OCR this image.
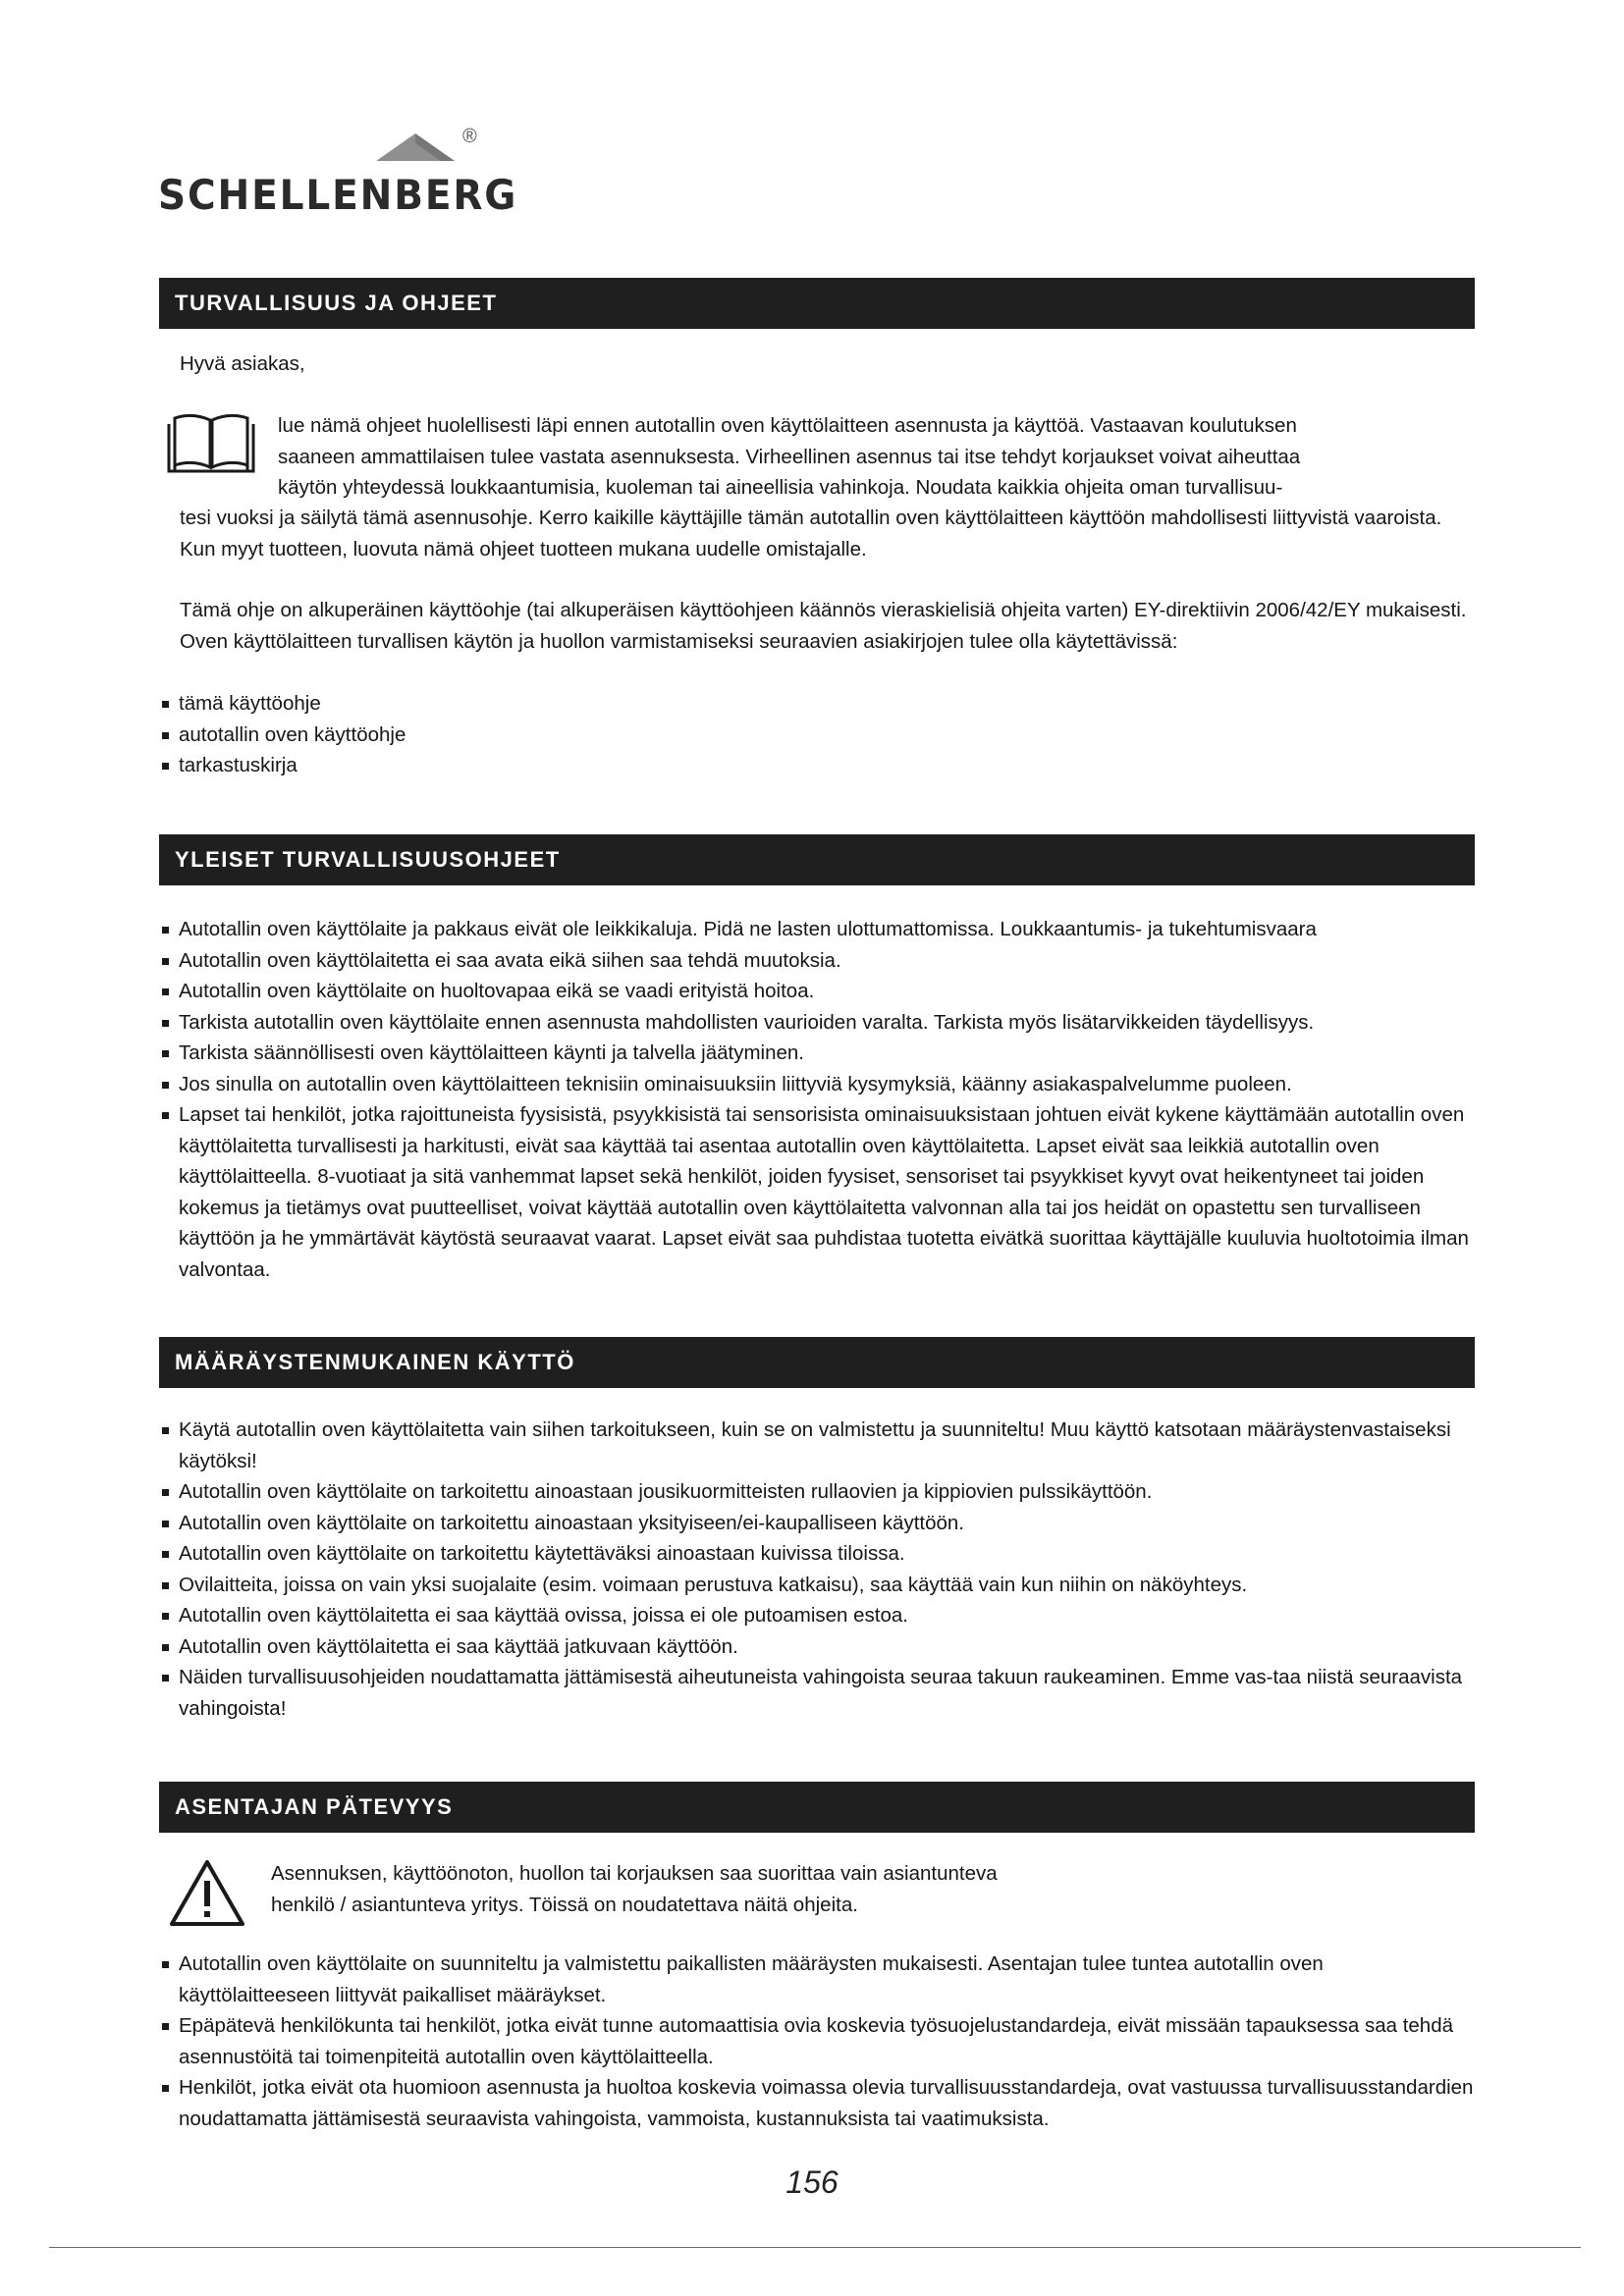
®
SCHELLENBERG
TURVALLISUUS JA OHJEET
Hyvä asiakas,
lue nämä ohjeet huolellisesti läpi ennen autotallin oven käyttölaitteen asennusta ja käyttöä. Vastaavan koulutuksen
saaneen ammattilaisen tulee vastata asennuksesta. Virheellinen asennus tai itse tehdyt korjaukset voivat aiheuttaa
käytön yhteydessä loukkaantumisia, kuoleman tai aineellisia vahinkoja. Noudata kaikkia ohjeita oman turvallisuu-
tesi vuoksi ja säilytä tämä asennusohje. Kerro kaikille käyttäjille tämän autotallin oven käyttölaitteen käyttöön mahdollisesti liittyvistä vaaroista. Kun myyt tuotteen, luovuta nämä ohjeet tuotteen mukana uudelle omistajalle.
Tämä ohje on alkuperäinen käyttöohje (tai alkuperäisen käyttöohjeen käännös vieraskielisiä ohjeita varten) EY-direktiivin 2006/42/EY mukaisesti. Oven käyttölaitteen turvallisen käytön ja huollon varmistamiseksi seuraavien asiakirjojen tulee olla käytettävissä:
tämä käyttöohje
autotallin oven käyttöohje
tarkastuskirja
YLEISET TURVALLISUUSOHJEET
Autotallin oven käyttölaite ja pakkaus eivät ole leikkikaluja. Pidä ne lasten ulottumattomissa. Loukkaantumis- ja tukehtumisvaara
Autotallin oven käyttölaitetta ei saa avata eikä siihen saa tehdä muutoksia.
Autotallin oven käyttölaite on huoltovapaa eikä se vaadi erityistä hoitoa.
Tarkista autotallin oven käyttölaite ennen asennusta mahdollisten vaurioiden varalta. Tarkista myös lisätarvikkeiden täydellisyys.
Tarkista säännöllisesti oven käyttölaitteen käynti ja talvella jäätyminen.
Jos sinulla on autotallin oven käyttölaitteen teknisiin ominaisuuksiin liittyviä kysymyksiä, käänny asiakaspalvelumme puoleen.
Lapset tai henkilöt, jotka rajoittuneista fyysisistä, psyykkisistä tai sensorisista ominaisuuksistaan johtuen eivät kykene käyttämään autotallin oven käyttölaitetta turvallisesti ja harkitusti, eivät saa käyttää tai asentaa autotallin oven käyttölaitetta. Lapset eivät saa leikkiä autotallin oven käyttölaitteella. 8-vuotiaat ja sitä vanhemmat lapset sekä henkilöt, joiden fyysiset, sensoriset tai psyykkiset kyvyt ovat heikentyneet tai joiden kokemus ja tietämys ovat puutteelliset, voivat käyttää autotallin oven käyttölaitetta valvonnan alla tai jos heidät on opastettu sen turvalliseen käyttöön ja he ymmärtävät käytöstä seuraavat vaarat. Lapset eivät saa puhdistaa tuotetta eivätkä suorittaa käyttäjälle kuuluvia huoltotoimia ilman valvontaa.
MÄÄRÄYSTENMUKAINEN KÄYTTÖ
Käytä autotallin oven käyttölaitetta vain siihen tarkoitukseen, kuin se on valmistettu ja suunniteltu! Muu käyttö katsotaan määräystenvastaiseksi käytöksi!
Autotallin oven käyttölaite on tarkoitettu ainoastaan jousikuormitteisten rullaovien ja kippiovien pulssikäyttöön.
Autotallin oven käyttölaite on tarkoitettu ainoastaan yksityiseen/ei-kaupalliseen käyttöön.
Autotallin oven käyttölaite on tarkoitettu käytettäväksi ainoastaan kuivissa tiloissa.
Ovilaitteita, joissa on vain yksi suojalaite (esim. voimaan perustuva katkaisu), saa käyttää vain kun niihin on näköyhteys.
Autotallin oven käyttölaitetta ei saa käyttää ovissa, joissa ei ole putoamisen estoa.
Autotallin oven käyttölaitetta ei saa käyttää jatkuvaan käyttöön.
Näiden turvallisuusohjeiden noudattamatta jättämisestä aiheutuneista vahingoista seuraa takuun raukeaminen. Emme vas-taa niistä seuraavista vahingoista!
ASENTAJAN PÄTEVYYS
Asennuksen, käyttöönoton, huollon tai korjauksen saa suorittaa vain asiantunteva
henkilö / asiantunteva yritys. Töissä on noudatettava näitä ohjeita.
Autotallin oven käyttölaite on suunniteltu ja valmistettu paikallisten määräysten mukaisesti. Asentajan tulee tuntea autotallin oven käyttölaitteeseen liittyvät paikalliset määräykset.
Epäpätevä henkilökunta tai henkilöt, jotka eivät tunne automaattisia ovia koskevia työsuojelustandardeja, eivät missään tapauksessa saa tehdä asennustöitä tai toimenpiteitä autotallin oven käyttölaitteella.
Henkilöt, jotka eivät ota huomioon asennusta ja huoltoa koskevia voimassa olevia turvallisuusstandardeja, ovat vastuussa turvallisuusstandardien noudattamatta jättämisestä seuraavista vahingoista, vammoista, kustannuksista tai vaatimuksista.
156
